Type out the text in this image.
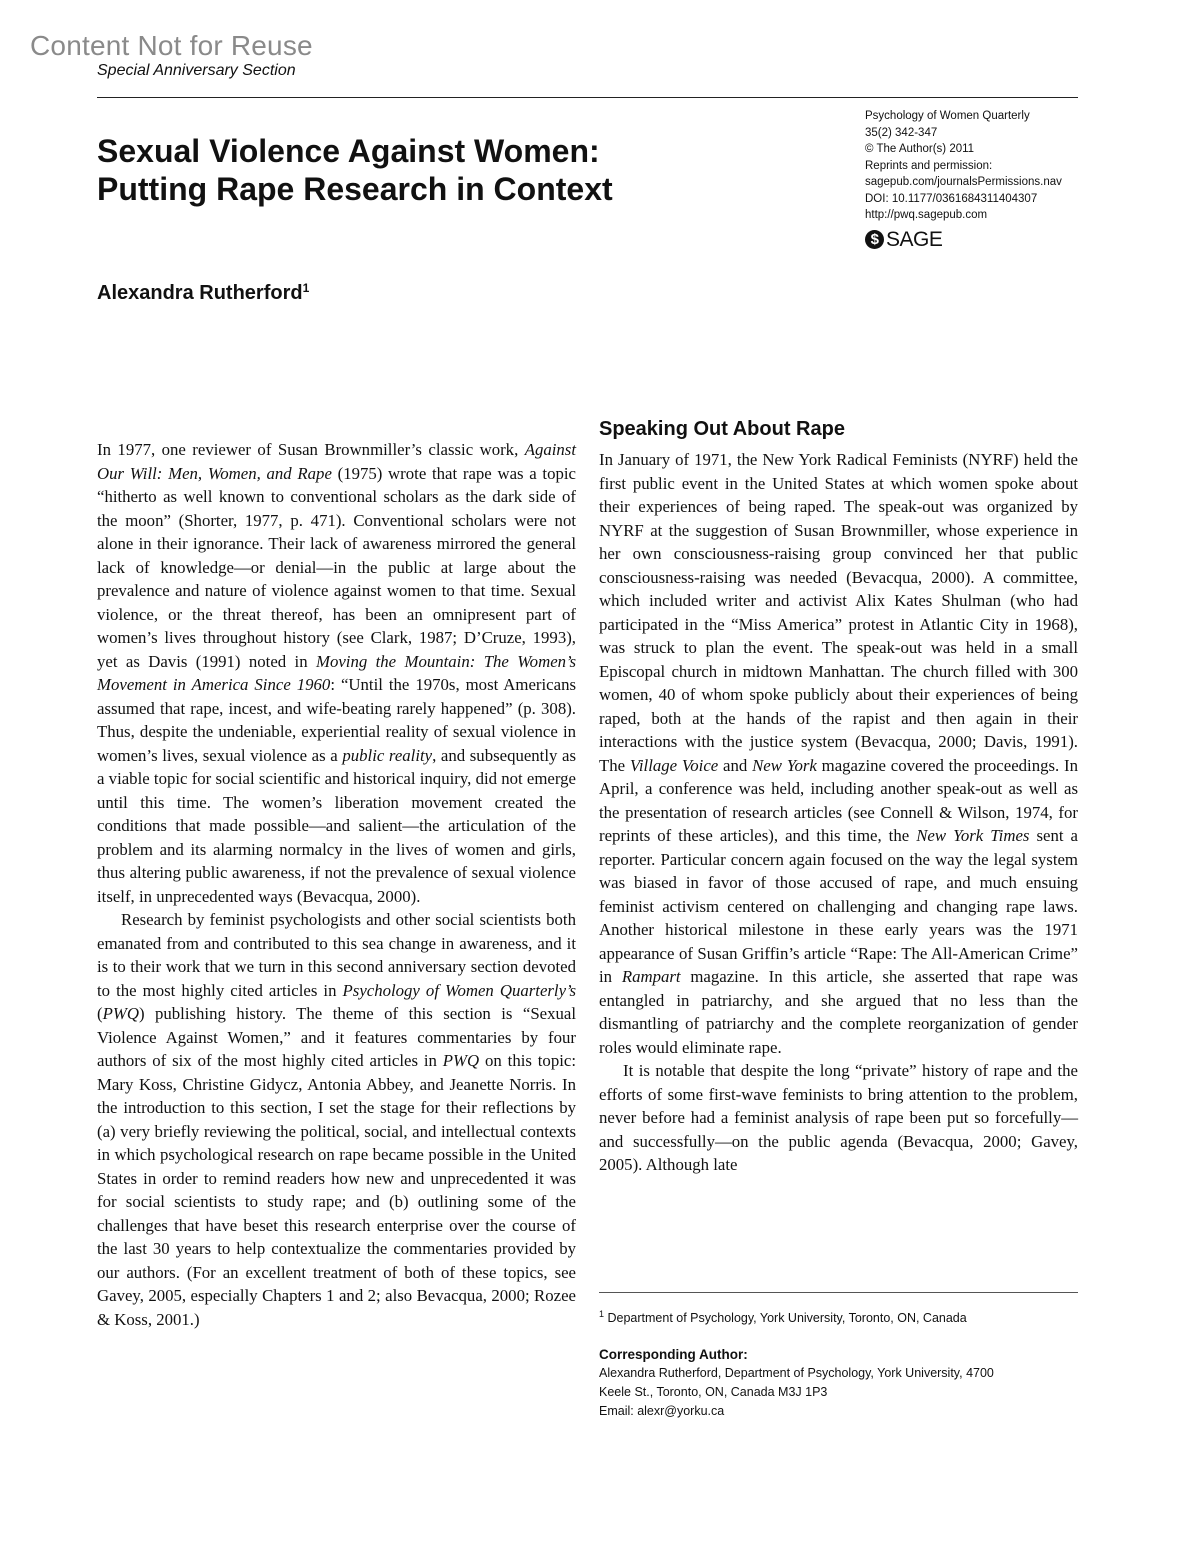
Content Not for Reuse
Special Anniversary Section
Sexual Violence Against Women:
Putting Rape Research in Context
Psychology of Women Quarterly
35(2) 342-347
© The Author(s) 2011
Reprints and permission:
sagepub.com/journalsPermissions.nav
DOI: 10.1177/0361684311404307
http://pwq.sagepub.com
$ SAGE
Alexandra Rutherford$^1$

In 1977, one reviewer of Susan Brownmiller’s classic work, Against Our Will: Men, Women, and Rape (1975) wrote that rape was a topic “hitherto as well known to conventional scholars as the dark side of the moon” (Shorter, 1977, p. 471). Conventional scholars were not alone in their ignorance. Their lack of awareness mirrored the general lack of knowledge—or denial—in the public at large about the prevalence and nature of violence against women to that time. Sexual violence, or the threat thereof, has been an omnipresent part of women’s lives throughout history (see Clark, 1987; D’Cruze, 1993), yet as Davis (1991) noted in Moving the Mountain: The Women’s Movement in America Since 1960: “Until the 1970s, most Americans assumed that rape, incest, and wife-beating rarely happened” (p. 308). Thus, despite the undeniable, experiential reality of sexual violence in women’s lives, sexual violence as a public reality, and subsequently as a viable topic for social scientific and historical inquiry, did not emerge until this time. The women’s liberation movement created the conditions that made possible—and salient—the articulation of the problem and its alarming normalcy in the lives of women and girls, thus altering public awareness, if not the prevalence of sexual violence itself, in unprecedented ways (Bevacqua, 2000).

Research by feminist psychologists and other social scientists both emanated from and contributed to this sea change in awareness, and it is to their work that we turn in this second anniversary section devoted to the most highly cited articles in Psychology of Women Quarterly’s (PWQ) publishing history. The theme of this section is “Sexual Violence Against Women,” and it features commentaries by four authors of six of the most highly cited articles in PWQ on this topic: Mary Koss, Christine Gidycz, Antonia Abbey, and Jeanette Norris. In the introduction to this section, I set the stage for their reflections by (a) very briefly reviewing the political, social, and intellectual contexts in which psychological research on rape became possible in the United States in order to remind readers how new and unprecedented it was for social scientists to study rape; and (b) outlining some of the challenges that have beset this research enterprise over the course of the last 30 years to help contextualize the commentaries provided by our authors. (For an excellent treatment of both of these topics, see Gavey, 2005, especially Chapters 1 and 2; also Bevacqua, 2000; Rozee & Koss, 2001.)

Speaking Out About Rape

In January of 1971, the New York Radical Feminists (NYRF) held the first public event in the United States at which women spoke about their experiences of being raped. The speak-out was organized by NYRF at the suggestion of Susan Brownmiller, whose experience in her own consciousness-raising group convinced her that public consciousness-raising was needed (Bevacqua, 2000). A committee, which included writer and activist Alix Kates Shulman (who had participated in the “Miss America” protest in Atlantic City in 1968), was struck to plan the event. The speak-out was held in a small Episcopal church in midtown Manhattan. The church filled with 300 women, 40 of whom spoke publicly about their experiences of being raped, both at the hands of the rapist and then again in their interactions with the justice system (Bevacqua, 2000; Davis, 1991). The Village Voice and New York magazine covered the proceedings. In April, a conference was held, including another speak-out as well as the presentation of research articles (see Connell & Wilson, 1974, for reprints of these articles), and this time, the New York Times sent a reporter. Particular concern again focused on the way the legal system was biased in favor of those accused of rape, and much ensuing feminist activism centered on challenging and changing rape laws. Another historical milestone in these early years was the 1971 appearance of Susan Griffin’s article “Rape: The All-American Crime” in Rampart magazine. In this article, she asserted that rape was entangled in patriarchy, and she argued that no less than the dismantling of patriarchy and the complete reorganization of gender roles would eliminate rape.

It is notable that despite the long “private” history of rape and the efforts of some first-wave feminists to bring attention to the problem, never before had a feminist analysis of rape been put so forcefully—and successfully—on the public agenda (Bevacqua, 2000; Gavey, 2005). Although late

$^1$ Department of Psychology, York University, Toronto, ON, Canada
Corresponding Author:
Alexandra Rutherford, Department of Psychology, York University, 4700
Keele St., Toronto, ON, Canada M3J 1P3
Email: alexr@yorku.ca
